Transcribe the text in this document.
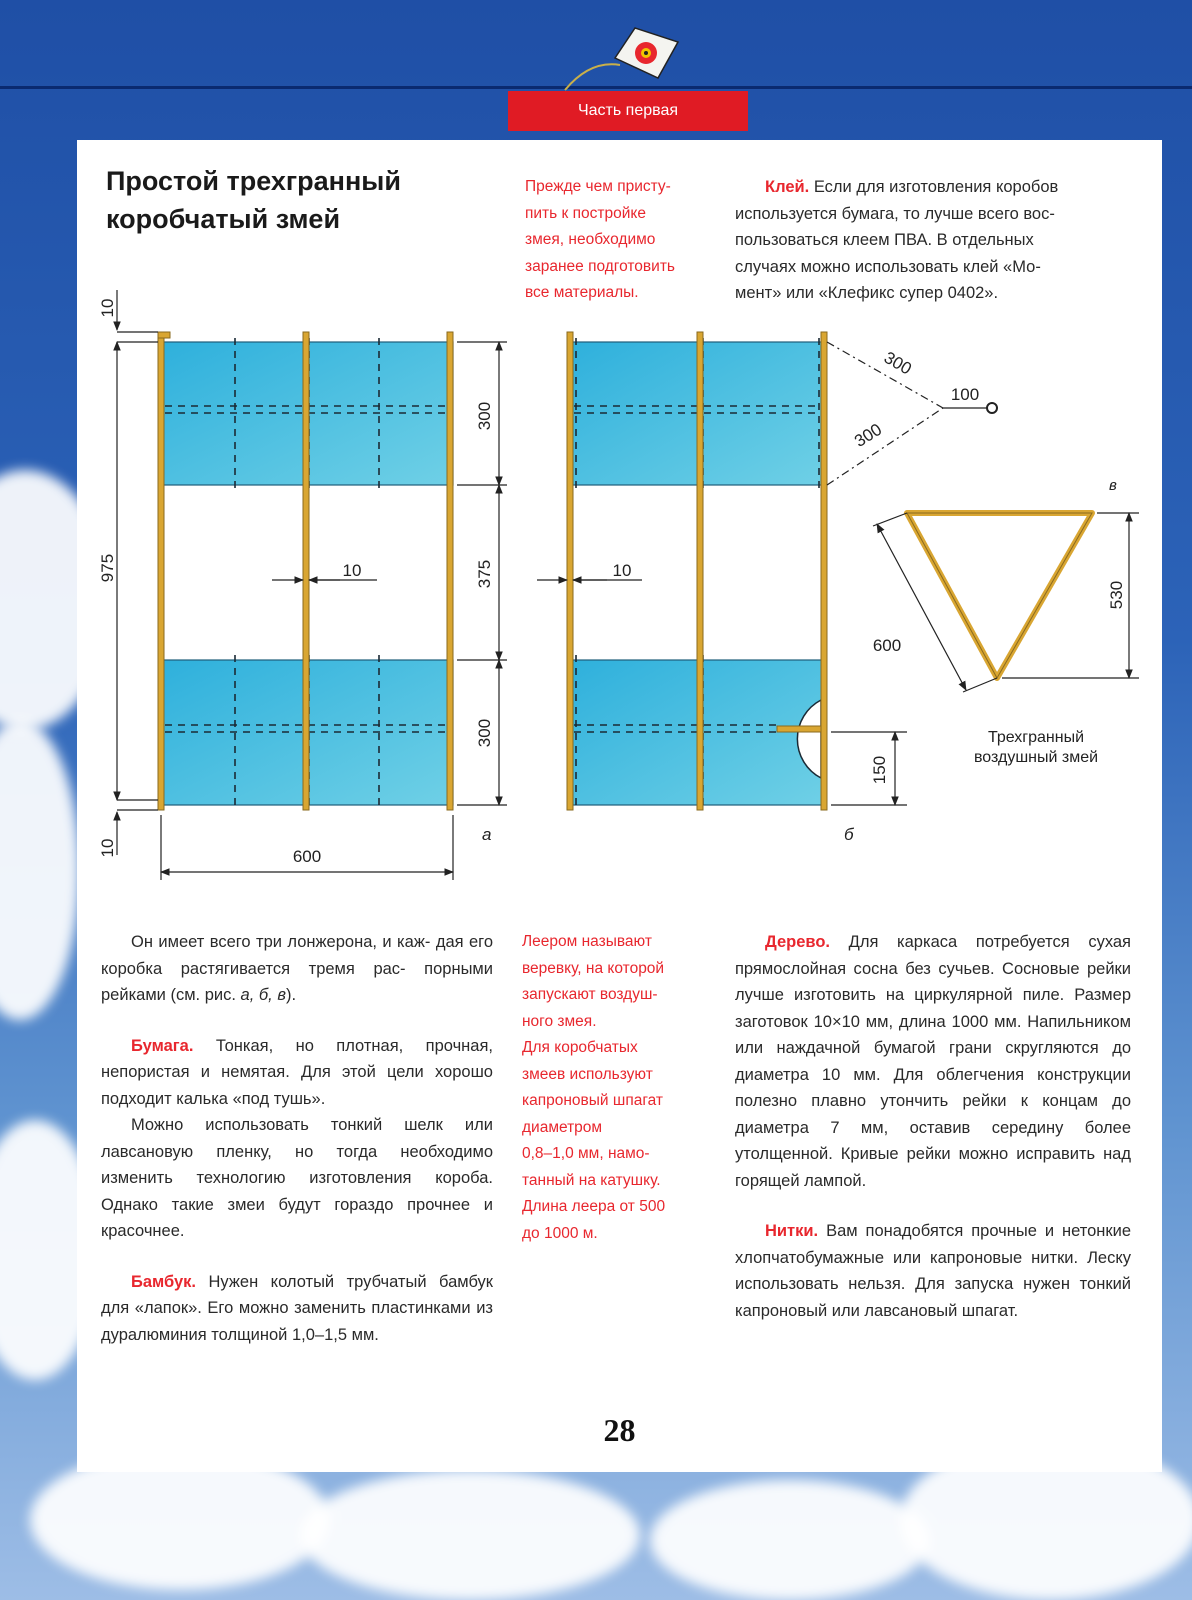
Часть первая
Простой трехгранный
коробчатый змей
Прежде чем присту-
пить к постройке
змея, необходимо
заранее подготовить
все материалы.
Клей. Если для изготовления коробов
используется бумага, то лучше всего вос-
пользоваться клеем ПВА. В отдельных
случаях можно использовать клей «Мо-
мент» или «Клефикс супер 0402».
10
975
10	600
300
375
300
10
а
300
300
100
10
150
б
530
600
в
Трехгранный
воздушный змей

Он имеет всего три лонжерона, и каж- дая его коробка растягивается тремя рас- порными рейками (см. рис. а, б, в).

Бумага. Тонкая, но плотная, прочная, непористая и немятая. Для этой цели хорошо подходит калька «под тушь».

Можно использовать тонкий шелк или лавсановую пленку, но тогда необходимо изменить технологию изготовления короба. Однако такие змеи будут гораздо прочнее и красочнее.

Бамбук. Нужен колотый трубчатый бамбук для «лапок». Его можно заменить пластинками из дуралюминия толщиной 1,0–1,5 мм.

Леером называют
веревку, на которой
запускают воздуш-
ного змея.
Для коробчатых
змеев используют
капроновый шпагат
диаметром
0,8–1,0 мм, намо-
танный на катушку.
Длина леера от 500
до 1000 м.

Дерево. Для каркаса потребуется сухая прямослойная сосна без сучьев. Сосновые рейки лучше изготовить на циркулярной пиле. Размер заготовок 10×10 мм, длина 1000 мм. Напильником или наждачной бумагой грани скругляются до диаметра 10 мм. Для облегчения конструкции полезно плавно утончить рейки к концам до диаметра 7 мм, оставив середину более утолщенной. Кривые рейки можно исправить над горящей лампой.

Нитки. Вам понадобятся прочные и нетонкие хлопчатобумажные или капроновые нитки. Леску использовать нельзя. Для запуска нужен тонкий капроновый или лавсановый шпагат.

28
